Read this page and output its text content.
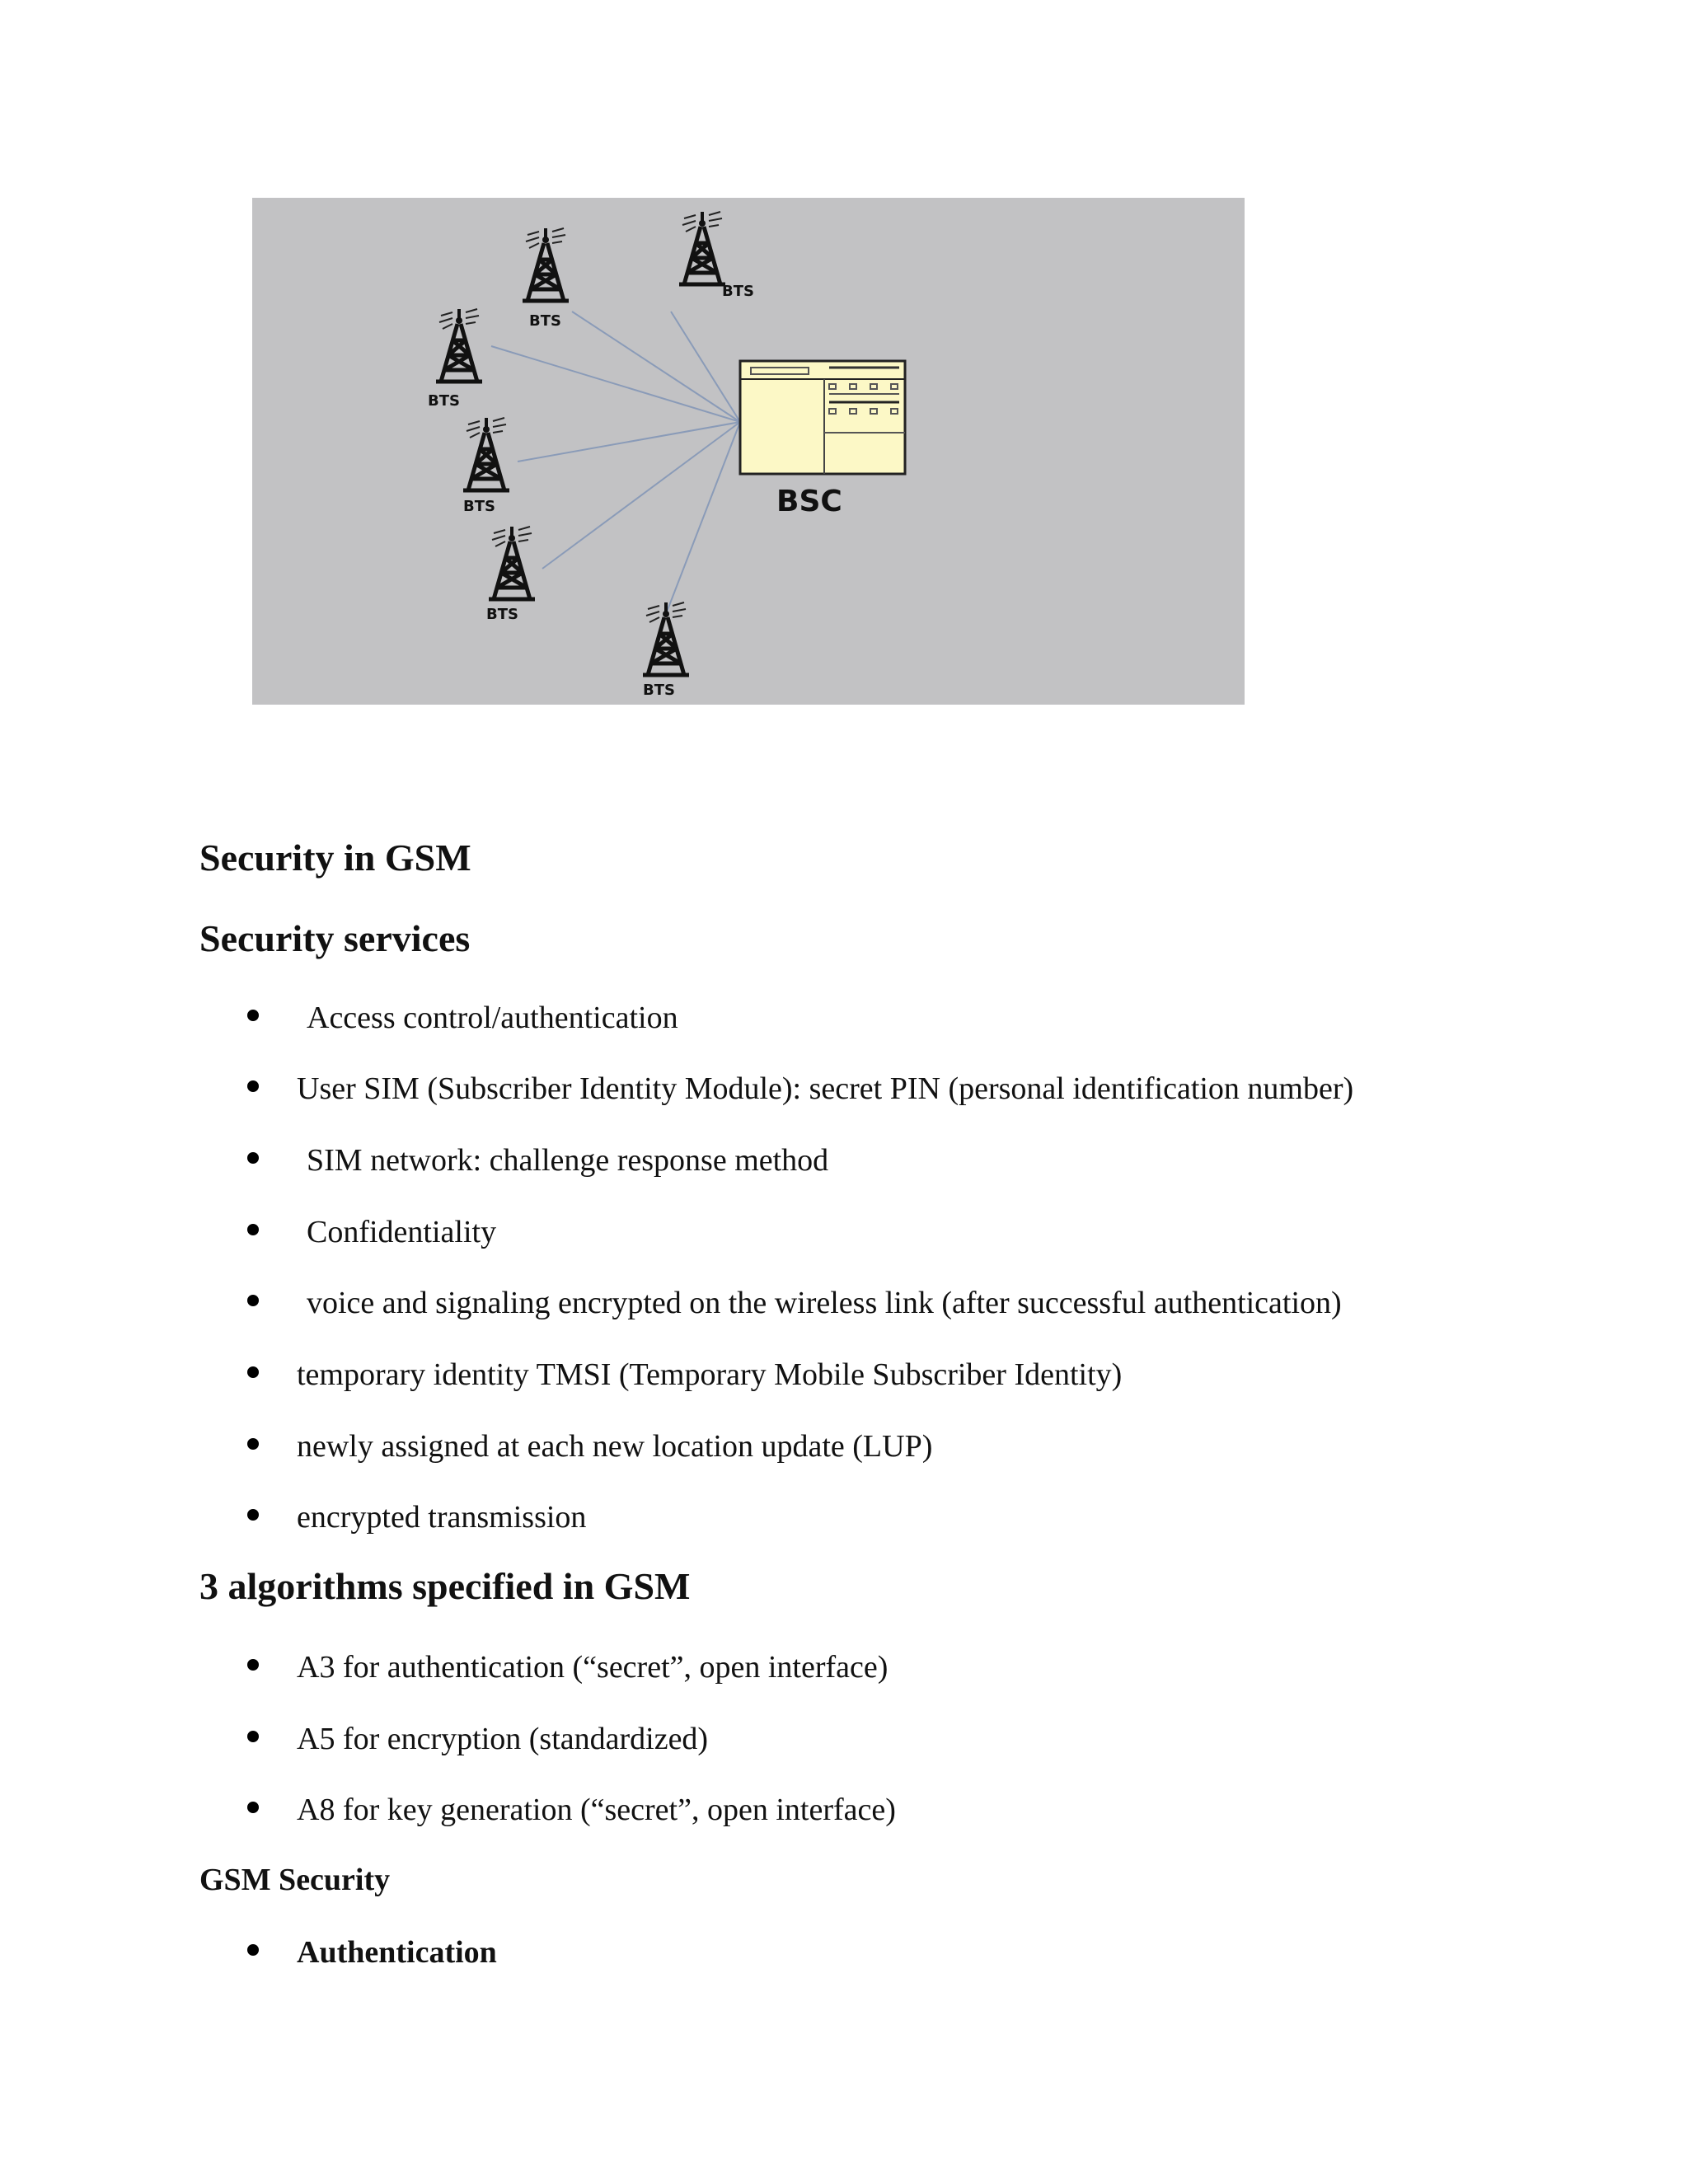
BTS
BTS
BTS
BTS
BTS
BTS
BSC
Security in GSM
Security services
Access control/authentication
User SIM (Subscriber Identity Module): secret PIN (personal identification number)
SIM network: challenge response method
Confidentiality
voice and signaling encrypted on the wireless link (after successful authentication)
temporary identity TMSI (Temporary Mobile Subscriber Identity)
newly assigned at each new location update (LUP)
encrypted transmission
3 algorithms specified in GSM
A3 for authentication (“secret”, open interface)
A5 for encryption (standardized)
A8 for key generation (“secret”, open interface)
GSM Security
Authentication
